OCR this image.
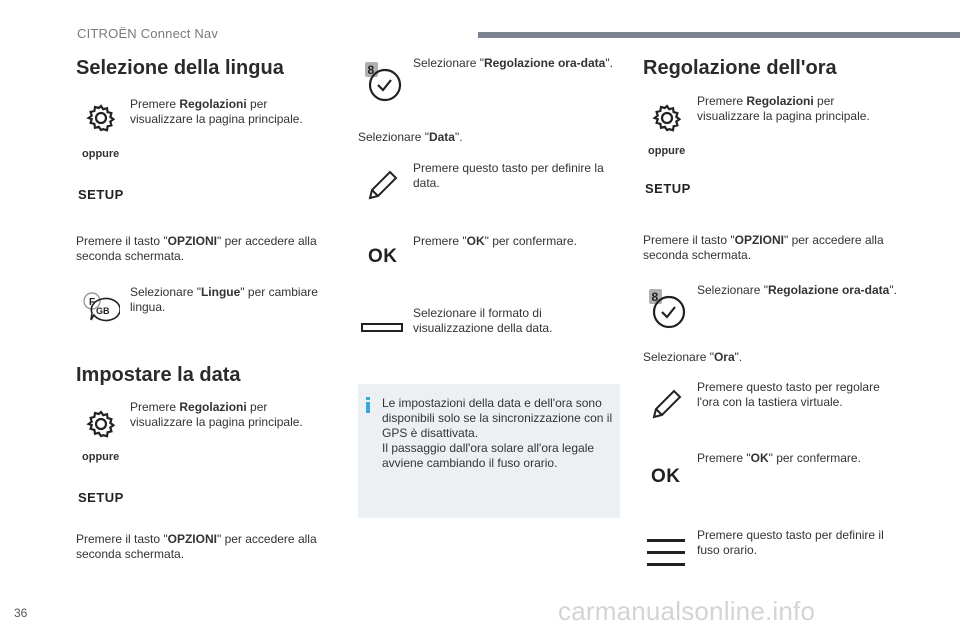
CITROËN Connect Nav
Selezione della lingua
Premere Regolazioni per visualizzare la pagina principale.
oppure
SETUP
Premere il tasto "OPZIONI" per accedere alla seconda schermata.
F
GB
Selezionare "Lingue" per cambiare lingua.
Impostare la data
Premere Regolazioni per visualizzare la pagina principale.
oppure
SETUP
Premere il tasto "OPZIONI" per accedere alla seconda schermata.
8	Selezionare "Regolazione ora-data".
Selezionare "Data".
Premere questo tasto per definire la data.
OK
Premere "OK" per confermare.
Selezionare il formato di visualizzazione della data.
Le impostazioni della data e dell'ora sono disponibili solo se la sincronizzazione con il GPS è disattivata.
Il passaggio dall'ora solare all'ora legale avviene cambiando il fuso orario.
Regolazione dell'ora
Premere Regolazioni per visualizzare la pagina principale.
oppure
SETUP
Premere il tasto "OPZIONI" per accedere alla seconda schermata.
8	Selezionare "Regolazione ora-data".
Selezionare "Ora".
Premere questo tasto per regolare l'ora con la tastiera virtuale.
OK
Premere "OK" per confermare.
Premere questo tasto per definire il fuso orario.
36	carmanualsonline.info
